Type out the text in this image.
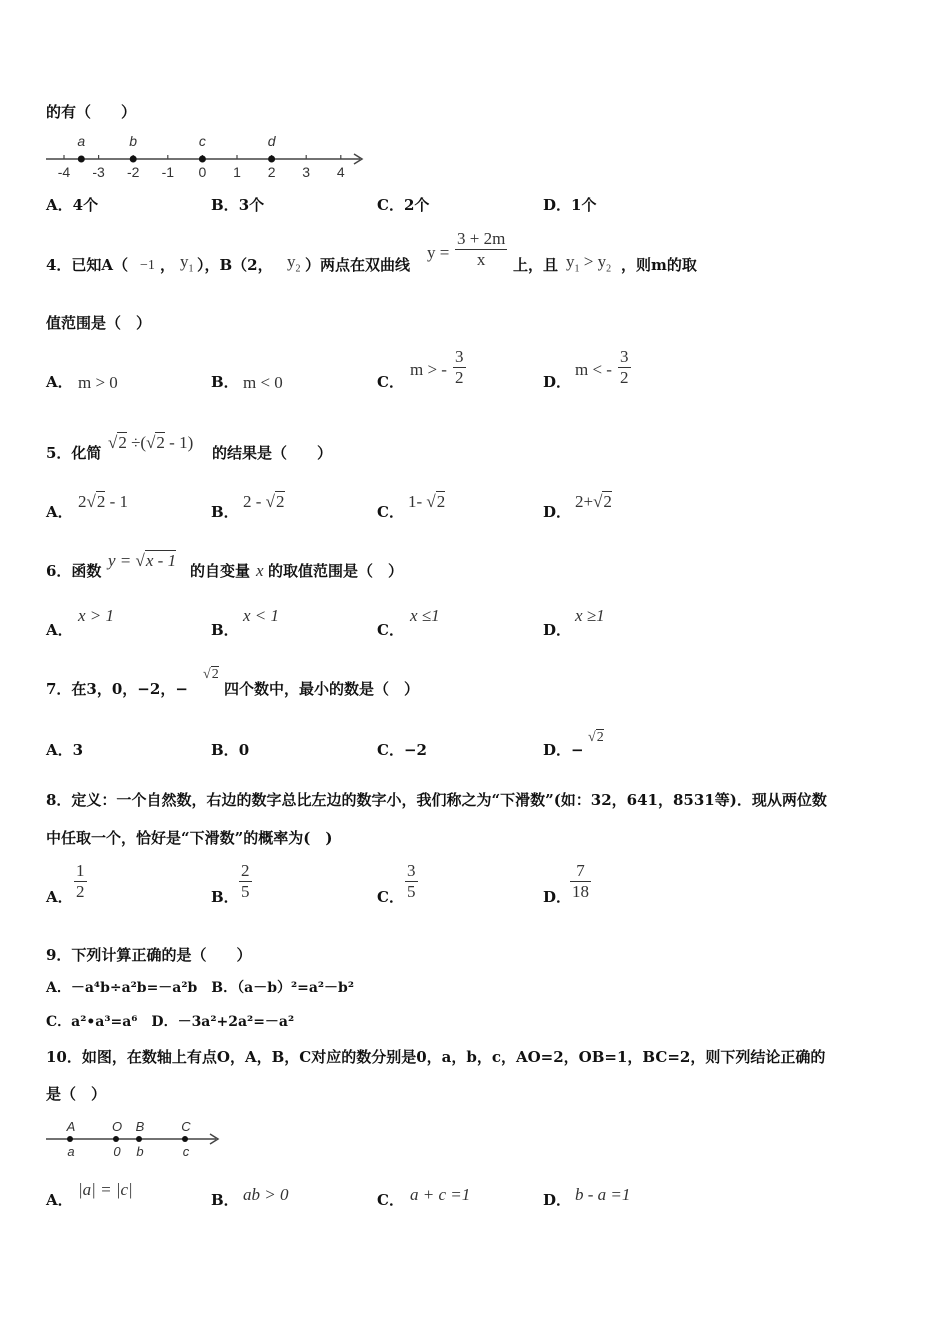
的有（　　）
-4 -3 -2 -1 0 1 2 3 4
a	b	c	d
A．4个	B．3个	C．2个	D．1个
4．已知A（ −1 ， $y_1$ ），B（2， $y_2$ ）两点在双曲线
$y = \frac{3 + 2m}{x}$ 上，且 $y_1 > y_2$ ，则m的取
值范围是（　）
A． m > 0	B． m < 0	C．
m > - $\frac{3}{2}$	D．
m < - $\frac{3}{2}$
5．化简
√2 ÷(√2 - 1)
的结果是（　　）
A．
2√2 - 1
B．
2 - √2
C．
1- √2
D．
2+√2
6．函数
y = √x - 1
的自变量 x 的取值范围是（　）
A．
x > 1
B．
x < 1
C．
x ≤1
D．
x ≥1
7．在3，0，−2，−
√2
四个数中，最小的数是（　）
A．3	B．0	C．−2	D．−
√2
8．定义：一个自然数，右边的数字总比左边的数字小，我们称之为“下滑数”(如：32，641，8531等)．现从两位数
中任取一个，恰好是“下滑数”的概率为(　)
A． $\frac{1}{2}$	B． $\frac{2}{5}$	C． $\frac{3}{5}$	D．
$\frac{7}{18}$
9．下列计算正确的是（　　）
A．－a⁴b÷a²b=－a²b　B．（a－b）²=a²－b²
C．a²•a³=a⁶　D．－3a²+2a²=－a²
10．如图，在数轴上有点O，A，B，C对应的数分别是0，a，b，c，AO=2，OB=1，BC=2，则下列结论正确的
是（　）
A
a
O
0
B
b
C
c
A．
|a| = |c|
B． ab > 0	C． a + c =1	D． b - a =1
